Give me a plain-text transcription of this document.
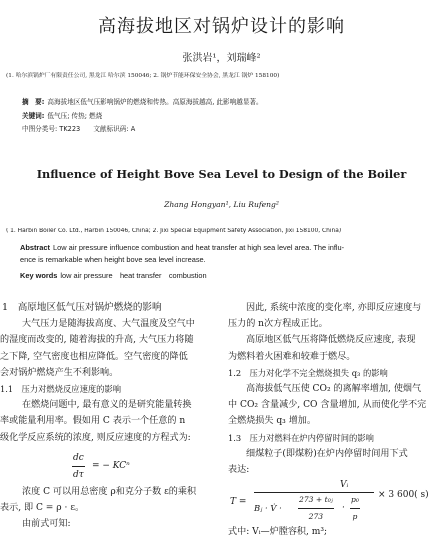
高海拔地区对锅炉设计的影响
张洪岩¹，刘瑞峰²
(1. 哈尔滨锅炉厂有限责任公司, 黑龙江 哈尔滨 150046; 2. 锅炉节能环保安全协会, 黑龙江 锅炉 158100)
摘　要: 高海拔地区低气压影响锅炉的燃烧和传热。高原海拔越高, 此影响越显著。
关键词: 低气压; 传热; 燃烧
中图分类号: TK223　　文献标识码: A
Influence of Height Bove Sea Level to Design of the Boiler
Zhang Hongyan¹, Liu Rufeng²
( 1. Harbin Boiler Co. Ltd., Harbin 150046, China; 2. Jixi Special Equipment Safety Association, Jixi 158100, China)
Abstract Low air pressure influence combustion and heat transfer at high sea level area. The influ-
ence is remarkable when height bove sea level increase.
Key words low air pressure　heat transfer　combustion
1　高原地区低气压对锅炉燃烧的影响
大气压力是随海拔高度、大气温度及空气中
的湿度而改变的, 随着海拔的升高, 大气压力将随
之下降, 空气密度也相应降低。空气密度的降低
会对锅炉燃烧产生不利影响。
1.1　压力对燃烧反应速度的影响
在燃烧问题中, 最有意义的是研究能量转换
率或能量利用率。假如用 C 表示一个任意的 n
级化学反应系统的浓度, 则反应速度的方程式为:
$\frac{dc}{d\tau}$ = − KCⁿ
浓度 C 可以用总密度 ρ和克分子数 ε的乘积
表示, 即 C = ρ · ε。
由前式可知:
因此, 系统中浓度的变化率, 亦即反应速度与
压力的 n次方程成正比。
高原地区低气压将降低燃烧反应速度, 表现
为燃料着火困难和较难于燃尽。
1.2　压力对化学不完全燃烧损失 q₃ 的影响
高海拔低气压使 CO₂ 的离解率增加, 使烟气
中 CO₂ 含量减少, CO 含量增加, 从而使化学不完
全燃烧损失 q₃ 增加。
1.3　压力对燃料在炉内停留时间的影响
细煤粒子(即煤粉)在炉内停留时间用下式
表达:
T =
Vᵢ
Bⱼ · V̇ · $\frac{\text{273 + t₀ⱼ}}{273} \cdot \frac{\text{p₀}}{p} \times 3$ 600( s)
式中: Vᵢ—炉膛容积, m³;
